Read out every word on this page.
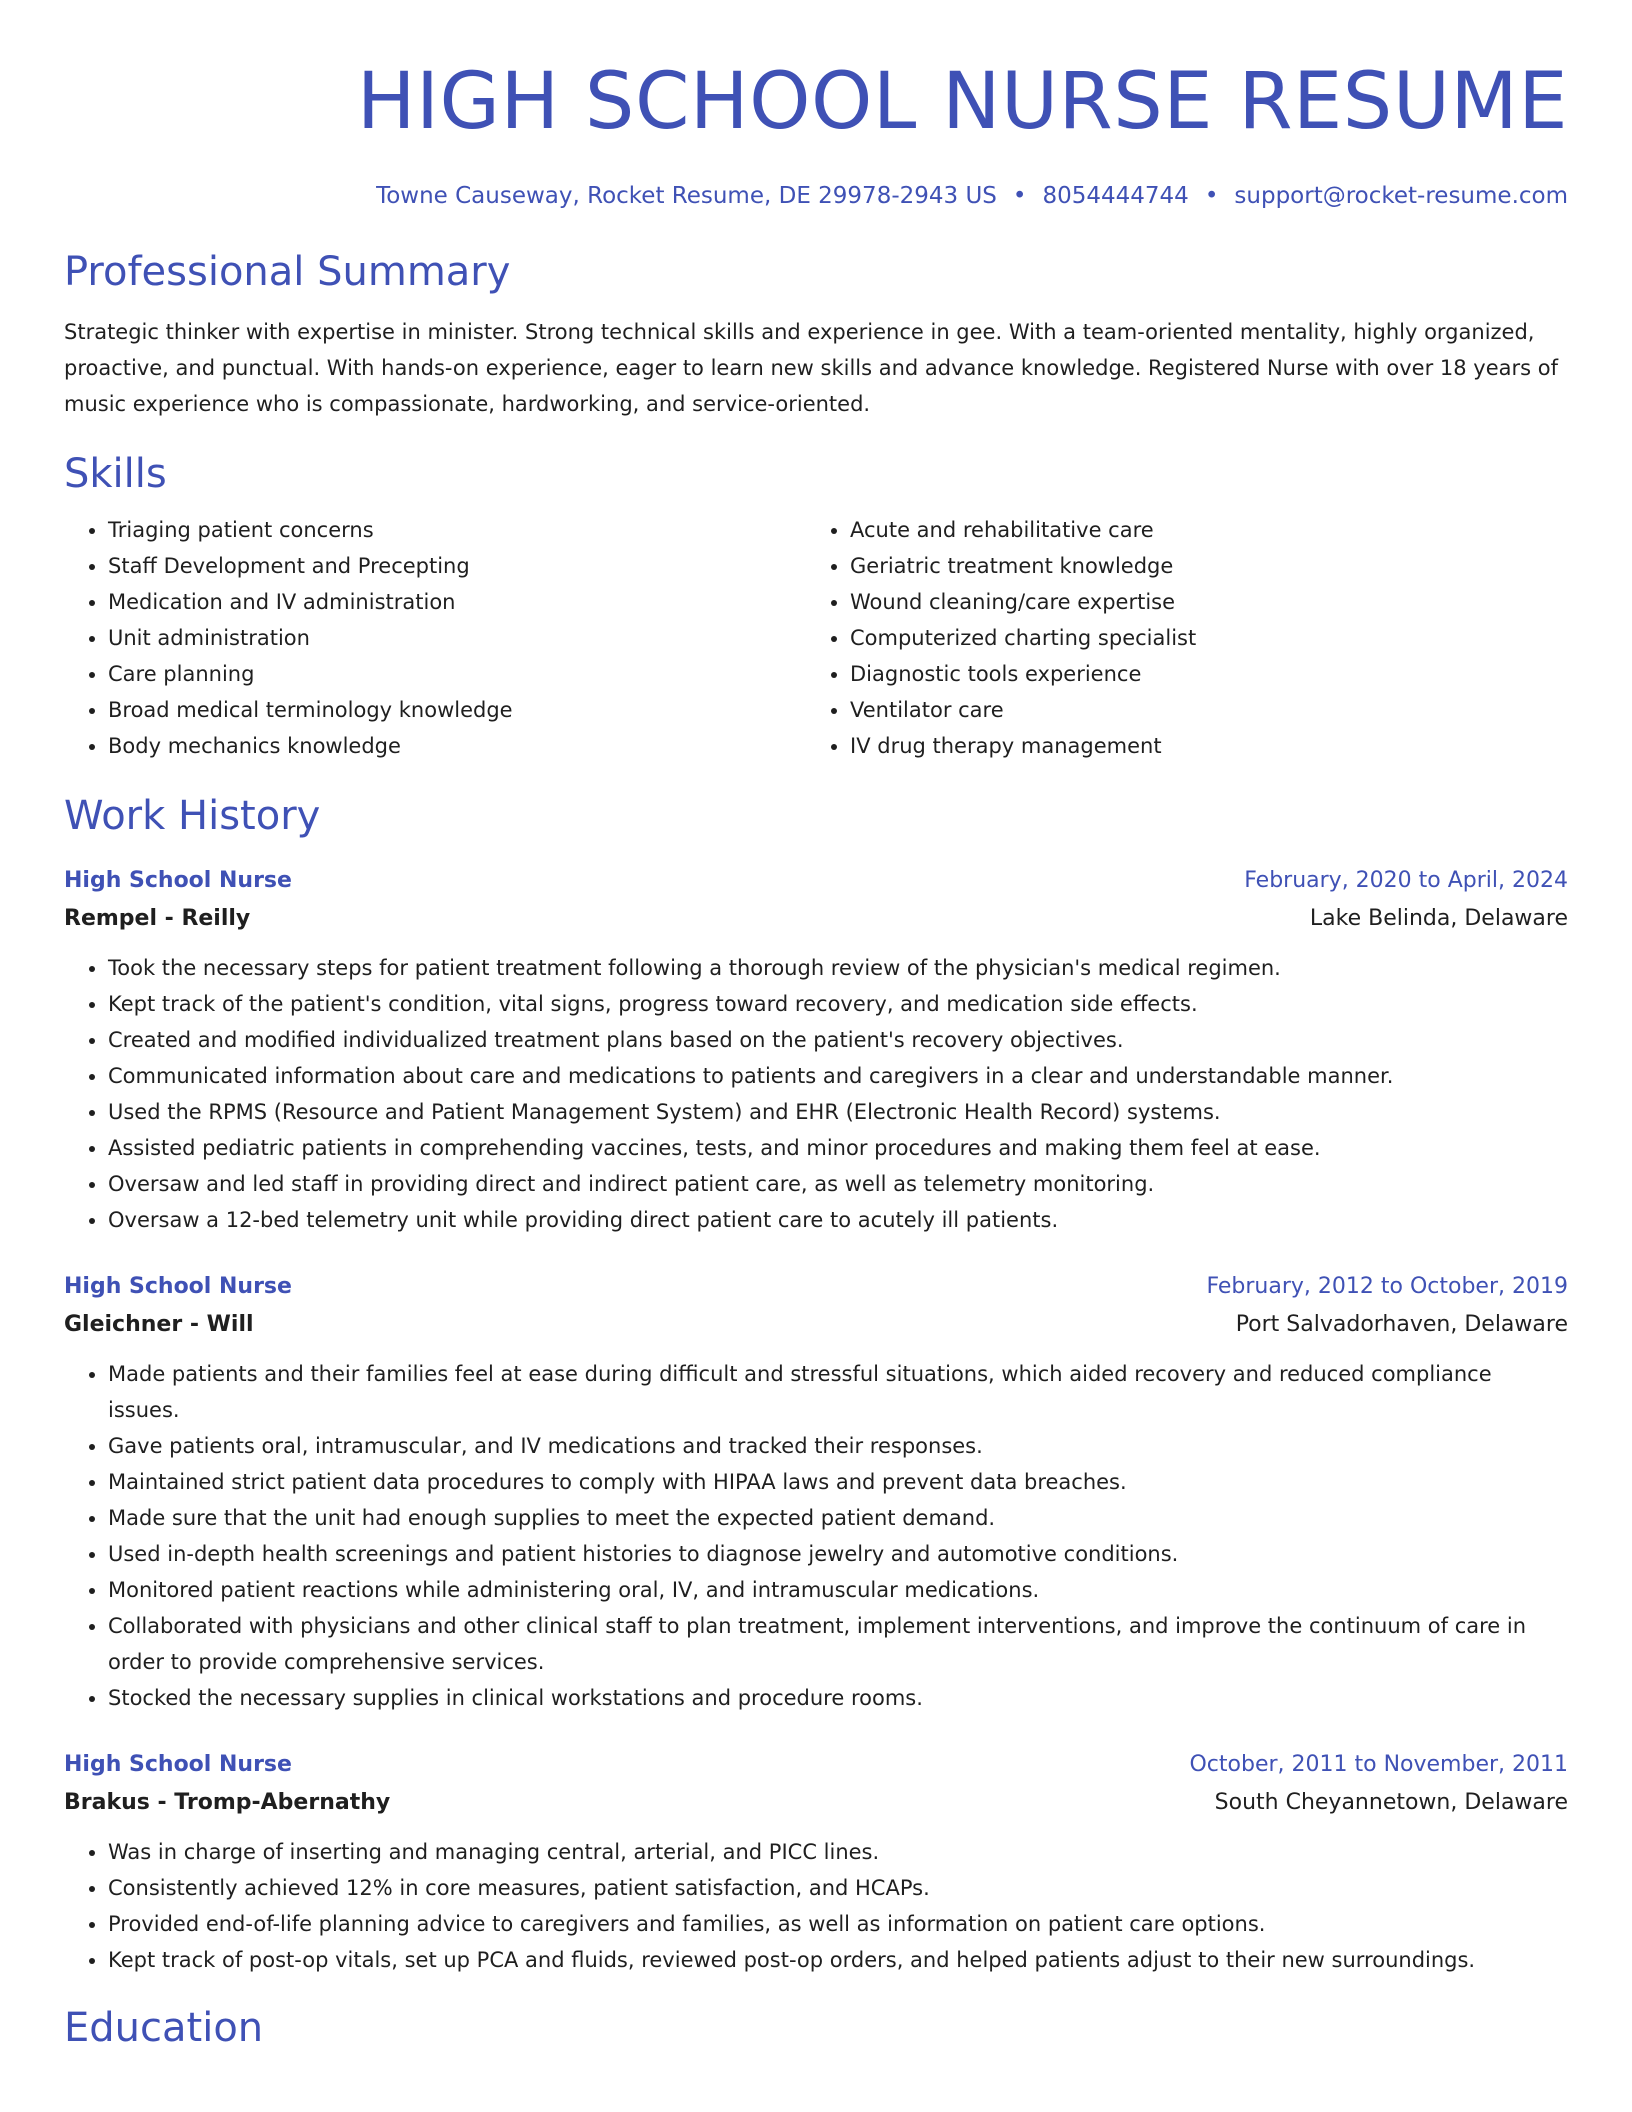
HIGH SCHOOL NURSE RESUME
Towne Causeway, Rocket Resume, DE 29978-2943 US • 8054444744 • support@rocket-resume.com
Professional Summary

Strategic thinker with expertise in minister. Strong technical skills and experience in gee. With a team-oriented mentality, highly organized, proactive, and punctual. With hands-on experience, eager to learn new skills and advance knowledge. Registered Nurse with over 18 years of music experience who is compassionate, hardworking, and service-oriented.

Skills
• Triaging patient concerns
• Staff Development and Precepting
• Medication and IV administration
• Unit administration
• Care planning
• Broad medical terminology knowledge
• Body mechanics knowledge
• Acute and rehabilitative care
• Geriatric treatment knowledge
• Wound cleaning/care expertise
• Computerized charting specialist
• Diagnostic tools experience
• Ventilator care
• IV drug therapy management
Work History
High School Nurse	February, 2020 to April, 2024
Rempel - Reilly	Lake Belinda, Delaware
• Took the necessary steps for patient treatment following a thorough review of the physician's medical regimen.
• Kept track of the patient's condition, vital signs, progress toward recovery, and medication side effects.
• Created and modified individualized treatment plans based on the patient's recovery objectives.
• Communicated information about care and medications to patients and caregivers in a clear and understandable manner.
• Used the RPMS (Resource and Patient Management System) and EHR (Electronic Health Record) systems.
• Assisted pediatric patients in comprehending vaccines, tests, and minor procedures and making them feel at ease.
• Oversaw and led staff in providing direct and indirect patient care, as well as telemetry monitoring.
• Oversaw a 12-bed telemetry unit while providing direct patient care to acutely ill patients.
High School Nurse	February, 2012 to October, 2019
Gleichner - Will	Port Salvadorhaven, Delaware
• Made patients and their families feel at ease during difficult and stressful situations, which aided recovery and reduced compliance issues.
• Gave patients oral, intramuscular, and IV medications and tracked their responses.
• Maintained strict patient data procedures to comply with HIPAA laws and prevent data breaches.
• Made sure that the unit had enough supplies to meet the expected patient demand.
• Used in-depth health screenings and patient histories to diagnose jewelry and automotive conditions.
• Monitored patient reactions while administering oral, IV, and intramuscular medications.
• Collaborated with physicians and other clinical staff to plan treatment, implement interventions, and improve the continuum of care in order to provide comprehensive services.
• Stocked the necessary supplies in clinical workstations and procedure rooms.
High School Nurse	October, 2011 to November, 2011
Brakus - Tromp-Abernathy	South Cheyannetown, Delaware
• Was in charge of inserting and managing central, arterial, and PICC lines.
• Consistently achieved 12% in core measures, patient satisfaction, and HCAPs.
• Provided end-of-life planning advice to caregivers and families, as well as information on patient care options.
• Kept track of post-op vitals, set up PCA and fluids, reviewed post-op orders, and helped patients adjust to their new surroundings.
Education
